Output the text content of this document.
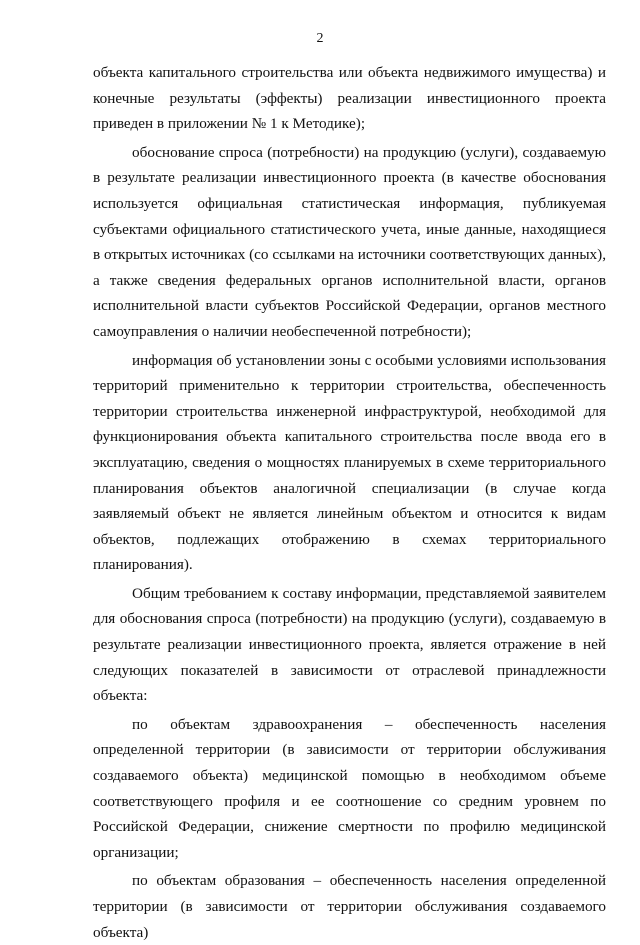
2

объекта капитального строительства или объекта недвижимого имущества) и конечные результаты (эффекты) реализации инвестиционного проекта приведен в приложении № 1 к Методике);

обоснование спроса (потребности) на продукцию (услуги), создаваемую в результате реализации инвестиционного проекта (в качестве обоснования используется официальная статистическая информация, публикуемая субъектами официального статистического учета, иные данные, находящиеся в открытых источниках (со ссылками на источники соответствующих данных), а также сведения федеральных органов исполнительной власти, органов исполнительной власти субъектов Российской Федерации, органов местного самоуправления о наличии необеспеченной потребности);

информация об установлении зоны с особыми условиями использования территорий применительно к территории строительства, обеспеченность территории строительства инженерной инфраструктурой, необходимой для функционирования объекта капитального строительства после ввода его в эксплуатацию, сведения о мощностях планируемых в схеме территориального планирования объектов аналогичной специализации (в случае когда заявляемый объект не является линейным объектом и относится к видам объектов, подлежащих отображению в схемах территориального планирования).

Общим требованием к составу информации, представляемой заявителем для обоснования спроса (потребности) на продукцию (услуги), создаваемую в результате реализации инвестиционного проекта, является отражение в ней следующих показателей в зависимости от отраслевой принадлежности объекта:

по объектам здравоохранения – обеспеченность населения определенной территории (в зависимости от территории обслуживания создаваемого объекта) медицинской помощью в необходимом объеме соответствующего профиля и ее соотношение со средним уровнем по Российской Федерации, снижение смертности по профилю медицинской организации;

по объектам образования – обеспеченность населения определенной территории (в зависимости от территории обслуживания создаваемого объекта)
